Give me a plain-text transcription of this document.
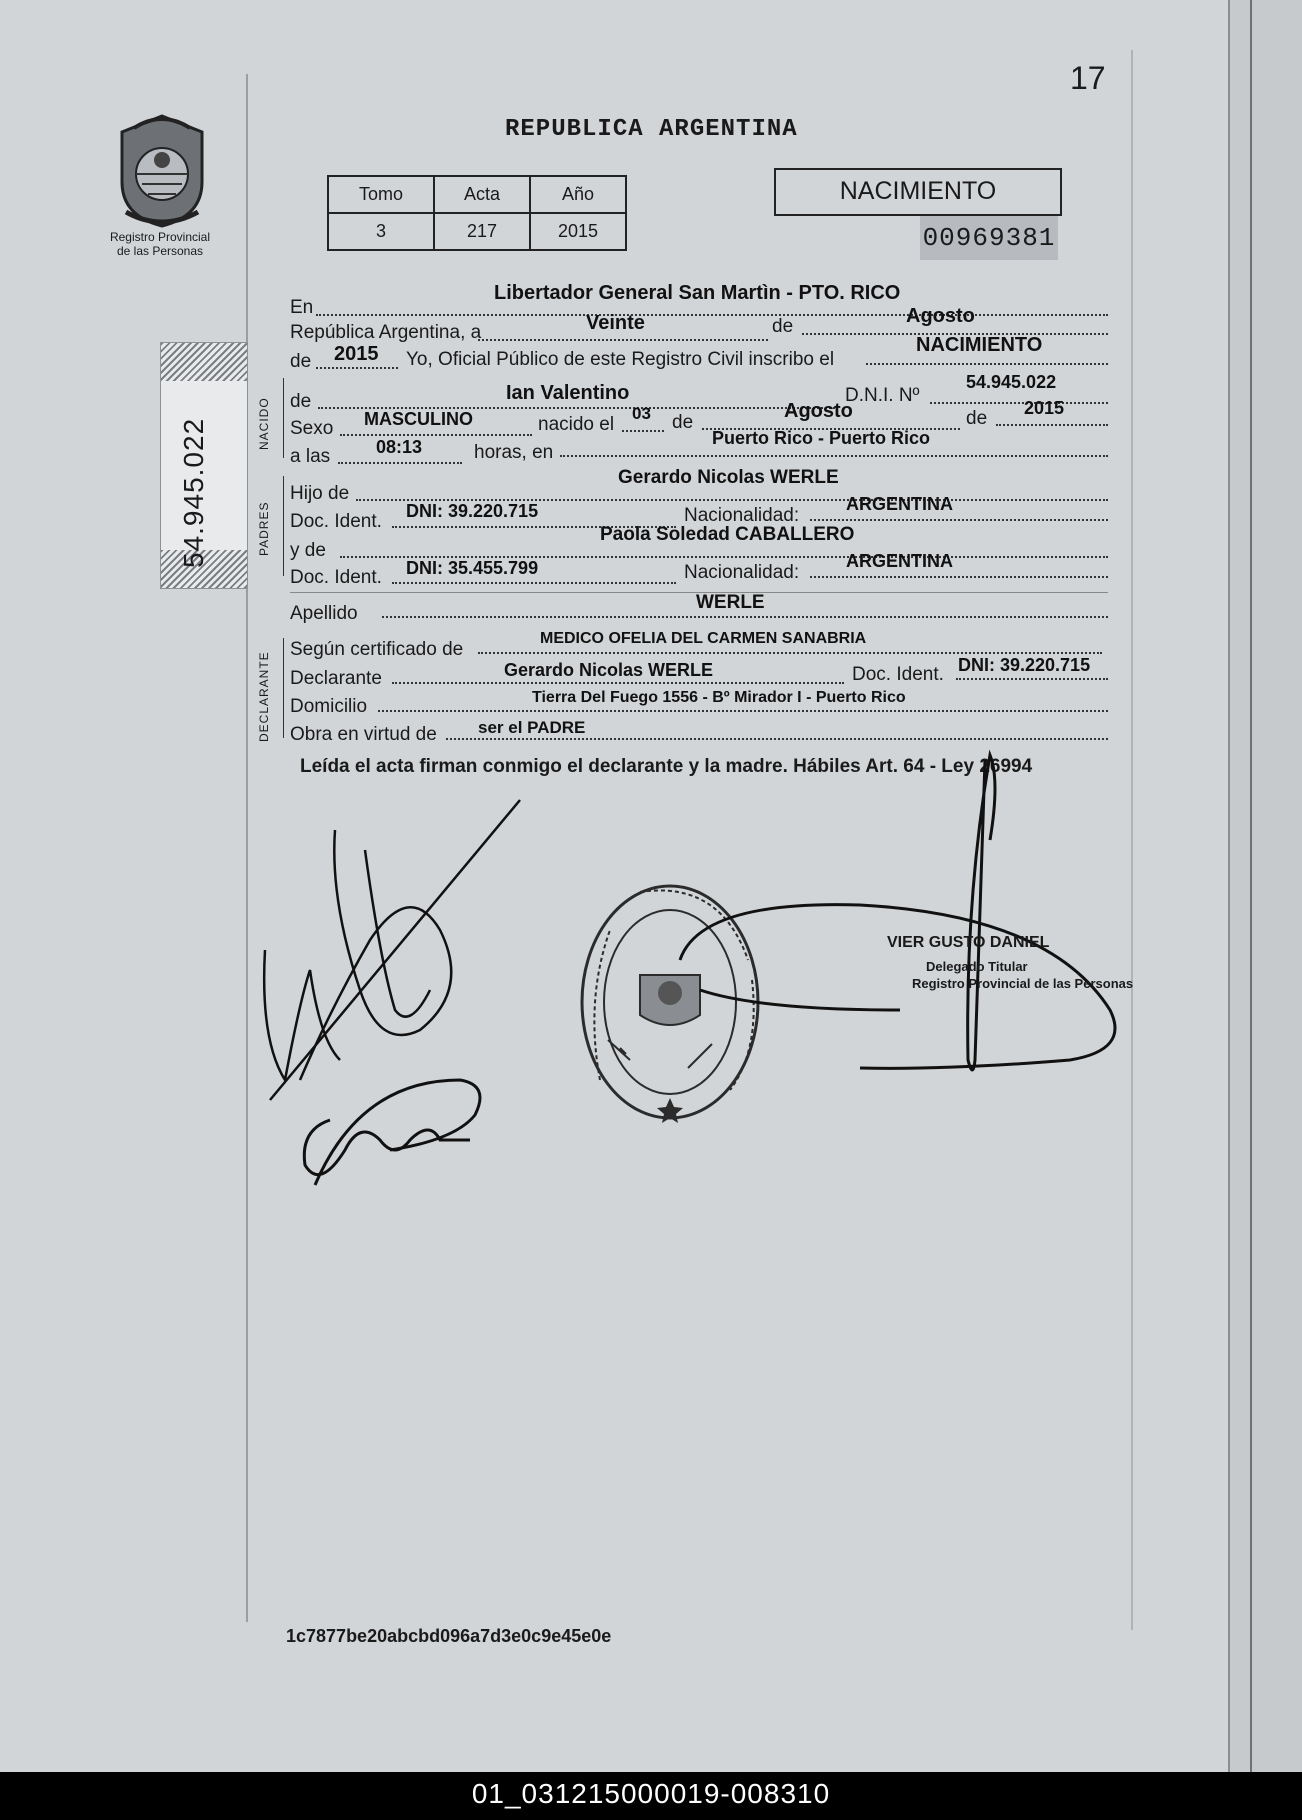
Registro Provincial
de las Personas
17
REPUBLICA ARGENTINA
Tomo	Acta	Año
3	217	2015
NACIMIENTO
00969381
54.945.022	NACIDO
PADRES
DECLARANTE
En
Libertador General San Martìn - PTO. RICO
República Argentina, a	Veinte	de	Agosto
de 2015 Yo, Oficial Público de este Registro Civil inscribo el
NACIMIENTO
de	Ian Valentino	D.N.I. Nº
54.945.022
Sexo MASCULINO	nacido el
03 de
Agosto	de 2015
a las	08:13	horas, en
Puerto Rico - Puerto Rico
Hijo de
Gerardo Nicolas WERLE
Doc. Ident. DNI: 39.220.715	Nacionalidad:
ARGENTINA
y de
Paola Soledad CABALLERO
Doc. Ident. DNI: 35.455.799	Nacionalidad:
ARGENTINA
Apellido
WERLE
Según certificado de
MEDICO OFELIA DEL CARMEN SANABRIA
Declarante	Gerardo Nicolas WERLE	Doc. Ident. DNI: 39.220.715
Domicilio	Tierra Del Fuego 1556 - Bº Mirador I - Puerto Rico
Obra en virtud de ser el PADRE
Leída el acta firman conmigo el declarante y la madre. Hábiles Art. 64 - Ley 26994
VIER GUSTO DANIEL
Delegado Titular
Registro Provincial de las Personas
1c7877be20abcbd096a7d3e0c9e45e0e
01_031215000019-008310
